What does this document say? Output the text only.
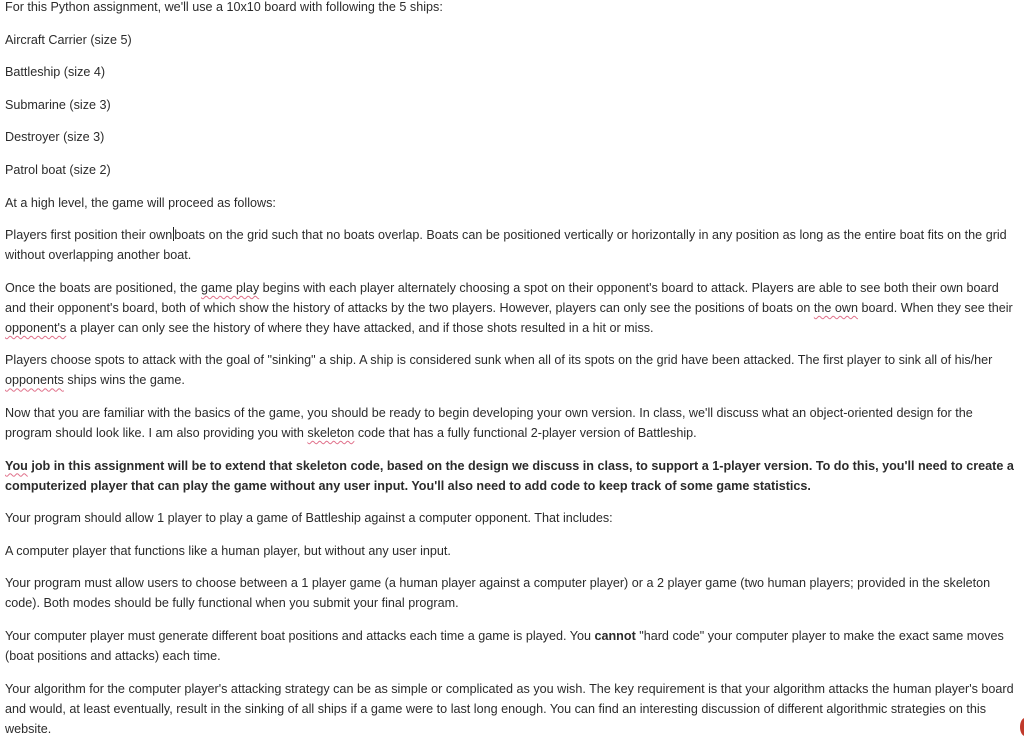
For this Python assignment, we'll use a 10x10 board with following the 5 ships:

Aircraft Carrier (size 5)

Battleship (size 4)

Submarine (size 3)

Destroyer (size 3)

Patrol boat (size 2)

At a high level, the game will proceed as follows:

Players first position their own boats on the grid such that no boats overlap. Boats can be positioned vertically or horizontally in any position as long as the entire boat fits on the grid without overlapping another boat.

Once the boats are positioned, the game play begins with each player alternately choosing a spot on their opponent's board to attack. Players are able to see both their own board and their opponent's board, both of which show the history of attacks by the two players. However, players can only see the positions of boats on the own board. When they see their opponent's a player can only see the history of where they have attacked, and if those shots resulted in a hit or miss.

Players choose spots to attack with the goal of "sinking" a ship. A ship is considered sunk when all of its spots on the grid have been attacked. The first player to sink all of his/her opponents ships wins the game.

Now that you are familiar with the basics of the game, you should be ready to begin developing your own version. In class, we'll discuss what an object-oriented design for the program should look like. I am also providing you with skeleton code that has a fully functional 2-player version of Battleship.

You job in this assignment will be to extend that skeleton code, based on the design we discuss in class, to support a 1-player version. To do this, you'll need to create a computerized player that can play the game without any user input. You'll also need to add code to keep track of some game statistics.

Your program should allow 1 player to play a game of Battleship against a computer opponent. That includes:

A computer player that functions like a human player, but without any user input.

Your program must allow users to choose between a 1 player game (a human player against a computer player) or a 2 player game (two human players; provided in the skeleton code). Both modes should be fully functional when you submit your final program.

Your computer player must generate different boat positions and attacks each time a game is played. You cannot "hard code" your computer player to make the exact same moves (boat positions and attacks) each time.

Your algorithm for the computer player's attacking strategy can be as simple or complicated as you wish. The key requirement is that your algorithm attacks the human player's board and would, at least eventually, result in the sinking of all ships if a game were to last long enough. You can find an interesting discussion of different algorithmic strategies on this website.
